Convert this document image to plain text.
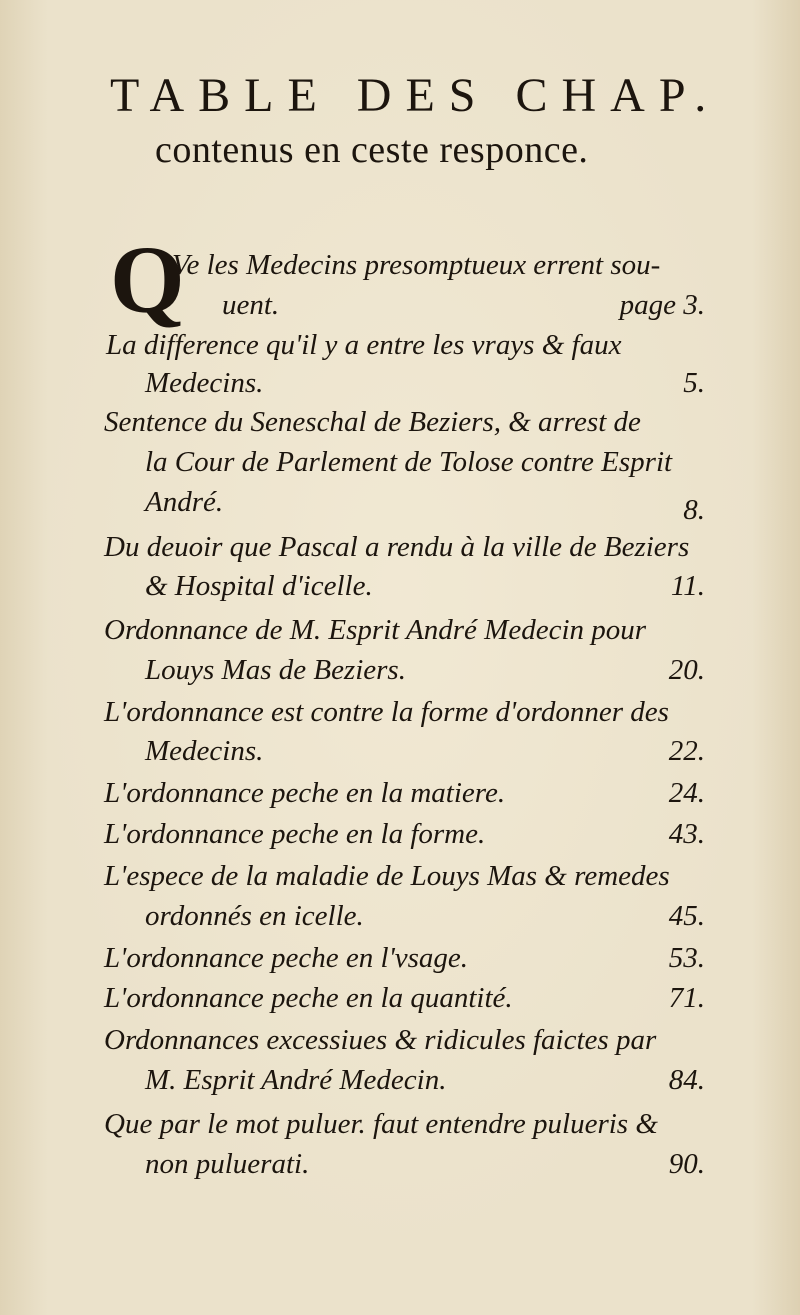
TABLE DES CHAP.
contenus en ceste responce.
Q
Ve les Medecins presomptueux errent sou-
uent.	page 3.
La difference qu'il y a entre les vrays & faux
Medecins.	5.
Sentence du Seneschal de Beziers, & arrest de
la Cour de Parlement de Tolose contre Esprit
André.	8.
Du deuoir que Pascal a rendu à la ville de Beziers
& Hospital d'icelle.	11.
Ordonnance de M. Esprit André Medecin pour
Louys Mas de Beziers.	20.
L'ordonnance est contre la forme d'ordonner des
Medecins.	22.
L'ordonnance peche en la matiere.	24.
L'ordonnance peche en la forme.	43.
L'espece de la maladie de Louys Mas & remedes
ordonnés en icelle.	45.
L'ordonnance peche en l'vsage.	53.
L'ordonnance peche en la quantité.	71.
Ordonnances excessiues & ridicules faictes par
M. Esprit André Medecin.	84.
Que par le mot puluer. faut entendre pulueris &
non puluerati.	90.
